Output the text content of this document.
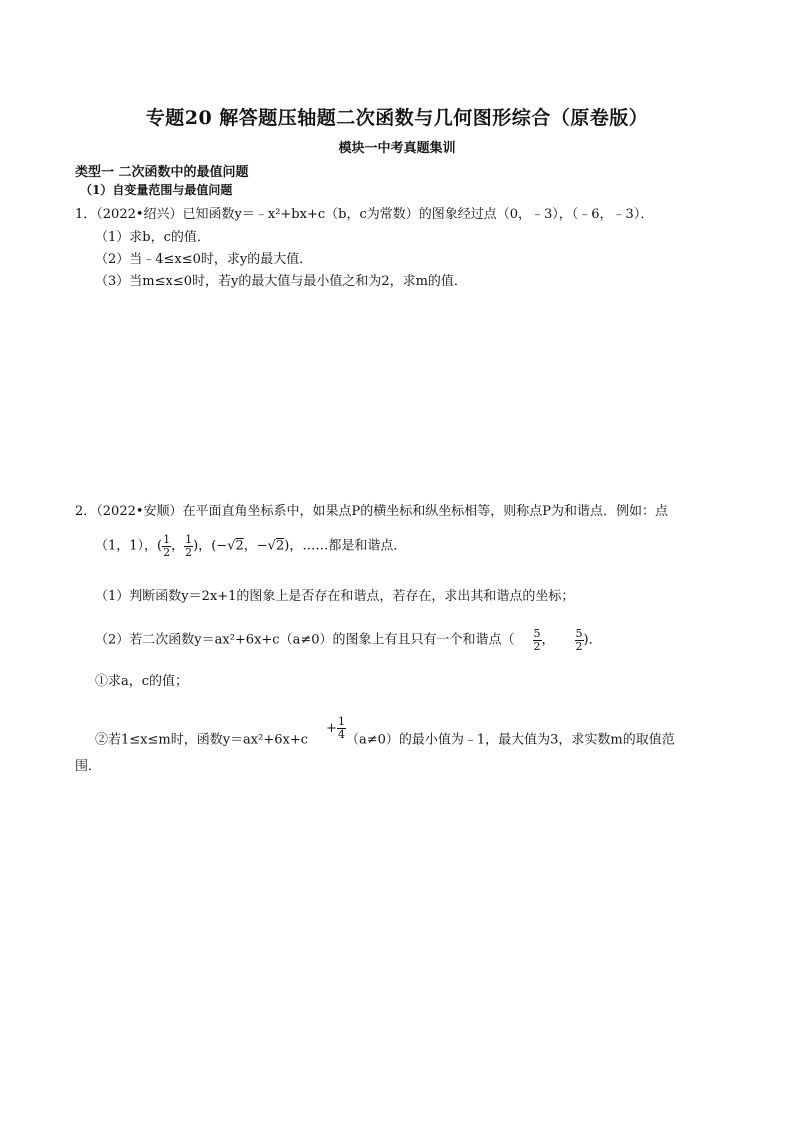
专题20 解答题压轴题二次函数与几何图形综合（原卷版）
模块一中考真题集训
类型一 二次函数中的最值问题
（1）自变量范围与最值问题
1．（2022•绍兴）已知函数y＝﹣x²+bx+c（b，c为常数）的图象经过点（0，﹣3），（﹣6，﹣3）．
（1）求b，c的值．
（2）当﹣4≤x≤0时，求y的最大值．
（3）当m≤x≤0时，若y的最大值与最小值之和为2，求m的值．
2．（2022•安顺）在平面直角坐标系中，如果点P的横坐标和纵坐标相等，则称点P为和谐点．例如：点
（1，1），( $\frac{1}{2}$ ， $\frac{1}{2}$ )，(−√2，−√2)，……都是和谐点．
（1）判断函数y＝2x+1的图象上是否存在和谐点，若存在，求出其和谐点的坐标；
（2）若二次函数y＝ax²+6x+c（a≠0）的图象上有且只有一个和谐点（ $\frac{5}{2}$ ， $\frac{5}{2}$ )．
①求a，c的值；
②若1≤x≤m时，函数$y=ax^2+6x+c+ \frac{1}{4} (a\ne 0)$的最小值为﹣1，最大值为3，求实数m的取值范
围．
